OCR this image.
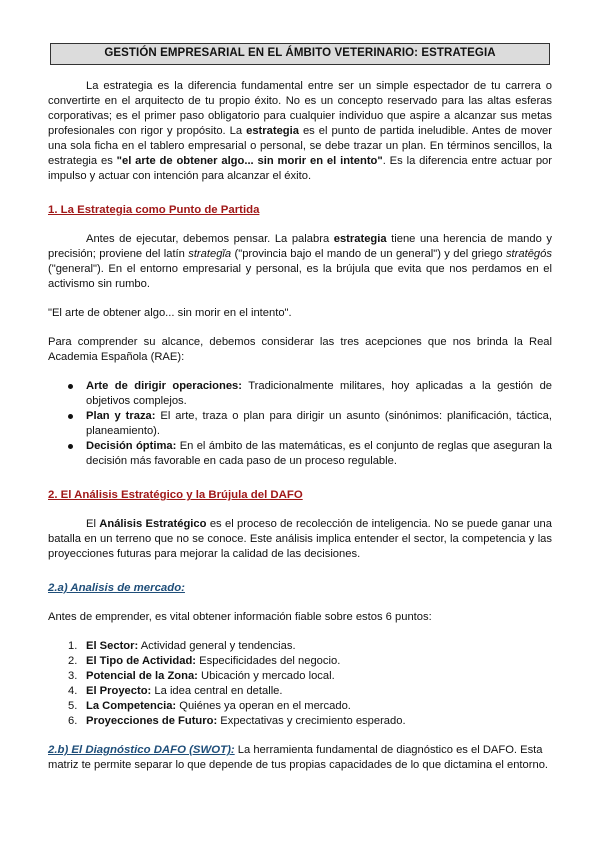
GESTIÓN EMPRESARIAL EN EL ÁMBITO VETERINARIO: ESTRATEGIA

La estrategia es la diferencia fundamental entre ser un simple espectador de tu carrera o convertirte en el arquitecto de tu propio éxito. No es un concepto reservado para las altas esferas corporativas; es el primer paso obligatorio para cualquier individuo que aspire a alcanzar sus metas profesionales con rigor y propósito. La estrategia es el punto de partida ineludible. Antes de mover una sola ficha en el tablero empresarial o personal, se debe trazar un plan. En términos sencillos, la estrategia es "el arte de obtener algo... sin morir en el intento". Es la diferencia entre actuar por impulso y actuar con intención para alcanzar el éxito.

1. La Estrategia como Punto de Partida

Antes de ejecutar, debemos pensar. La palabra estrategia tiene una herencia de mando y precisión; proviene del latín strategĭa ("provincia bajo el mando de un general") y del griego stratēgós ("general"). En el entorno empresarial y personal, es la brújula que evita que nos perdamos en el activismo sin rumbo.

"El arte de obtener algo... sin morir en el intento".

Para comprender su alcance, debemos considerar las tres acepciones que nos brinda la Real Academia Española (RAE):

Arte de dirigir operaciones: Tradicionalmente militares, hoy aplicadas a la gestión de objetivos complejos.
Plan y traza: El arte, traza o plan para dirigir un asunto (sinónimos: planificación, táctica, planeamiento).
Decisión óptima: En el ámbito de las matemáticas, es el conjunto de reglas que aseguran la decisión más favorable en cada paso de un proceso regulable.
2. El Análisis Estratégico y la Brújula del DAFO

El Análisis Estratégico es el proceso de recolección de inteligencia. No se puede ganar una batalla en un terreno que no se conoce. Este análisis implica entender el sector, la competencia y las proyecciones futuras para mejorar la calidad de las decisiones.

2.a) Analisis de mercado:

Antes de emprender, es vital obtener información fiable sobre estos 6 puntos:

1. El Sector: Actividad general y tendencias.
2. El Tipo de Actividad: Especificidades del negocio.
3. Potencial de la Zona: Ubicación y mercado local.
4. El Proyecto: La idea central en detalle.
5. La Competencia: Quiénes ya operan en el mercado.
6. Proyecciones de Futuro: Expectativas y crecimiento esperado.

2.b) El Diagnóstico DAFO (SWOT): La herramienta fundamental de diagnóstico es el DAFO. Esta matriz te permite separar lo que depende de tus propias capacidades de lo que dictamina el entorno.
